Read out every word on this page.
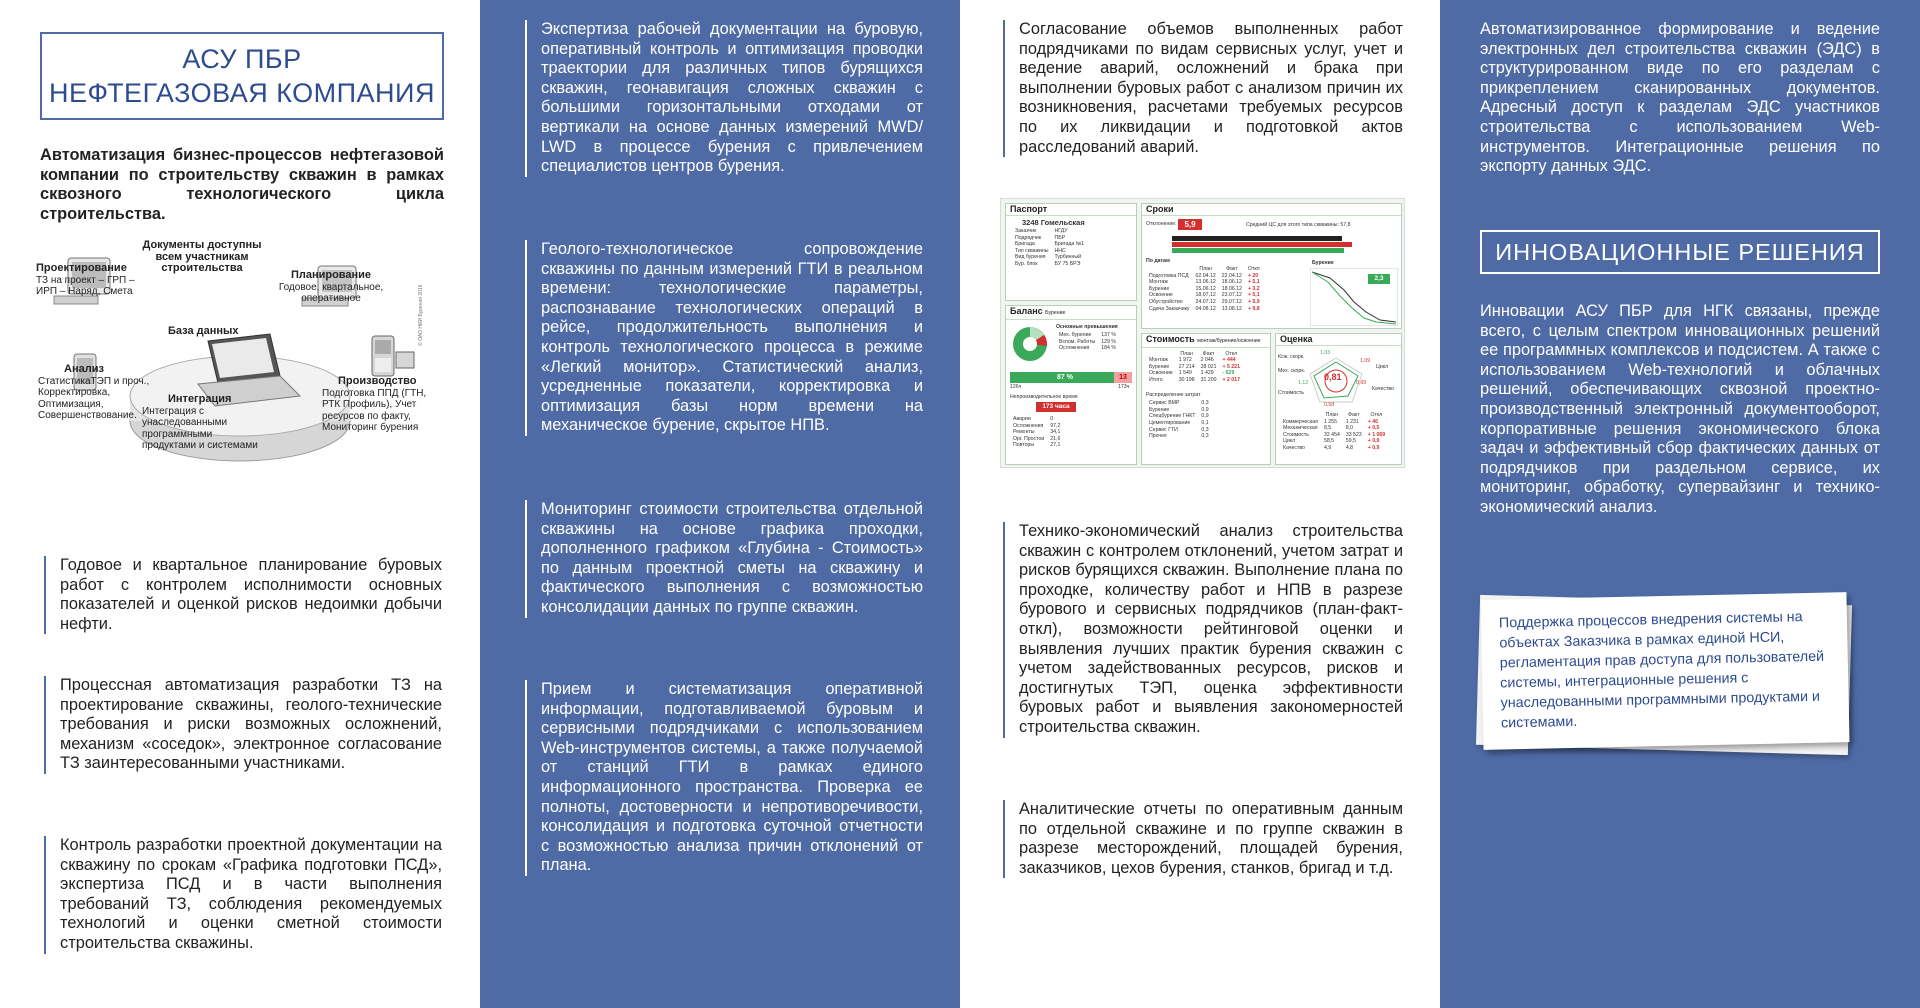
АСУ ПБР
НЕФТЕГАЗОВАЯ КОМПАНИЯ
Автоматизация бизнес-процессов нефтегазовой компании по строительству скважин в рамках сквозного технологического цикла строительства.
Документы доступны всем участникам строительства
База данных
Проектирование
ТЗ на проект – ГРП – ИРП – Наряд, Смета
Планирование
Годовое, квартальное, оперативное
Анализ
СтатистикаТЭП и проч., Корректировка, Оптимизация, Совершенствование.
Интеграция
Интеграция с унаследованными программными продуктами и системами
Производство
Подготовка ППД (ГТН, РТК Профиль), Учет ресурсов по факту, Мониторинг бурения
© ОАО НИИ Бурения 2016
Годовое и квартальное планирование буровых работ с контролем исполнимости основных показателей и оценкой рисков недоимки добычи нефти.
Процессная автоматизация разработки ТЗ на проектирование скважины, геолого-технические требования и риски возможных осложнений, механизм «соседок», электронное согласование ТЗ заинтересованными участниками.
Контроль разработки проектной документации на скважину по срокам «Графика подготовки ПСД», экспертиза ПСД и в части выполнения требований ТЗ, соблюдения рекомендуемых технологий и оценки сметной стоимости строительства скважины.
Экспертиза рабочей документации на буровую, оперативный контроль и оптимизация проводки траектории для различных типов бурящихся скважин, геонавигация сложных скважин с большими горизонтальными отходами от вертикали на основе данных измерений MWD/ LWD в процессе бурения с привлечением специалистов центров бурения.
Геолого-технологическое сопровождение скважины по данным измерений ГТИ в реальном времени: технологические параметры, распознавание технологических операций в рейсе, продолжительность выполнения и контроль технологического процесса в режиме «Легкий монитор». Статистический анализ, усредненные показатели, корректировка и оптимизация базы норм времени на механическое бурение, скрытое НПВ.
Мониторинг стоимости строительства отдельной скважины на основе графика проходки, дополненного графиком «Глубина - Стоимость» по данным проектной сметы на скважину и фактического выполнения с возможностью консолидации данных по группе скважин.
Прием и систематизация оперативной информации, подготавливаемой буровым и сервисными подрядчиками с использованием Web-инструментов системы, а также получаемой от станций ГТИ в рамках единого информационного пространства. Проверка ее полноты, достоверности и непротиворечивости, консолидация и подготовка суточной отчетности с возможностью анализа причин отклонений от плана.
Согласование объемов выполненных работ подрядчиками по видам сервисных услуг, учет и ведение аварий, осложнений и брака при выполнении буровых работ с анализом причин их возникновения, расчетами требуемых ресурсов по их ликвидации и подготовкой актов расследований аварий.
Технико-экономический анализ строительства скважин с контролем отклонений, учетом затрат и рисков бурящихся скважин. Выполнение плана по проходке, количеству работ и НПВ в разрезе бурового и сервисных подрядчиков (план-факт-откл), возможности рейтинговой оценки и выявления лучших практик бурения скважин с учетом задействованных ресурсов, рисков и достигнутых ТЭП, оценка эффективности буровых работ и выявления закономерностей строительства скважин.
Аналитические отчеты по оперативным данным по отдельной скважине и по группе скважин в разрезе месторождений, площадей бурения, заказчиков, цехов бурения, станков, бригад и т.д.
Паспорт
3248 Гомельская
Заказчик	НГДУ
Подрядчик	ПБР
Бригада	Бригада №1
Тип скважины	ННС
Вид бурения	Турбинный
Бур. блок	БУ 75 БРЭ
Сроки
Отклонение: 5,9	Средний ЦС для этого типа скважины: 57,8
По датам
	План	Факт	Откл
Подготовка ПСД	02.04.12	22.04.12	+ 20
Монтаж	13.06.12	18.06.12	+ 5,1
Бурение	15.06.12	18.06.12	+ 3,2
Освоение	18.07.12	23.07.12	+ 5,1
Обустройство	24.07.12	29.07.12	+ 5,9
Сдача Заказчику	04.08.12	13.08.12	+ 9,8
Бурение
2,3
Баланс Бурение
Основные превышения
Мех. бурение	137 %
Вспом. Работы	129 %
Осложнения	184 %
87 %	13
126ч	173ч
Непроизводительное время
173 часа
Аварии	0
Осложнения	97,2
Ремонты	34,1
Орг. Простои	21,6
Повторы	27,1
Стоимость монтаж/бурение/освоение
	План	Факт	Откл
Монтаж	1 972	2 046	+ 444
Бурение	27 214	28 021	+ 5 221
Освоение	1 549	1 429	- 629
Итого	30 198	31 200	+ 2 017
Распределение затрат
Сервис ВМР	0,3
Бурение	0,9
Спецбурение ГНКТ	0,9
Цементирование	0,1
Сервис ГТИ	0,3
Прочее	0,3
Оценка
0,81
Ксж. скорк.
Мех. скорк.
Стоимость
Качество
Цикл
1,03
1,09
1,12	0,69
0,58
	План	Факт	Откл
Коммерческая	1 255	1 231	+ 46
Механическая	8,5	8,0	+ 0,5
Стоимость	32 454	33 523	+ 1 069
Цикл	58,5	59,5	+ 0,9
Качество	4,9	4,8	+ 0,9
Автоматизированное формирование и ведение электронных дел строительства скважин (ЭДС) в структурированном виде по его разделам с прикреплением сканированных документов. Адресный доступ к разделам ЭДС участников строительства с использованием Web-инструментов. Интеграционные решения по экспорту данных ЭДС.
Инновации АСУ ПБР для НГК связаны, прежде всего, с целым спектром инновационных решений ее программных комплексов и подсистем. А также с использованием Web-технологий и облачных решений, обеспечивающих сквозной проектно-производственный электронный документооборот, корпоративные решения экономического блока задач и эффективный сбор фактических данных от подрядчиков при раздельном сервисе, их мониторинг, обработку, супервайзинг и технико-экономический анализ.
ИННОВАЦИОННЫЕ РЕШЕНИЯ
Поддержка процессов внедрения системы на объектах Заказчика в рамках единой НСИ, регламентация прав доступа для пользователей системы, интеграционные решения с унаследованными программными продуктами и системами.
